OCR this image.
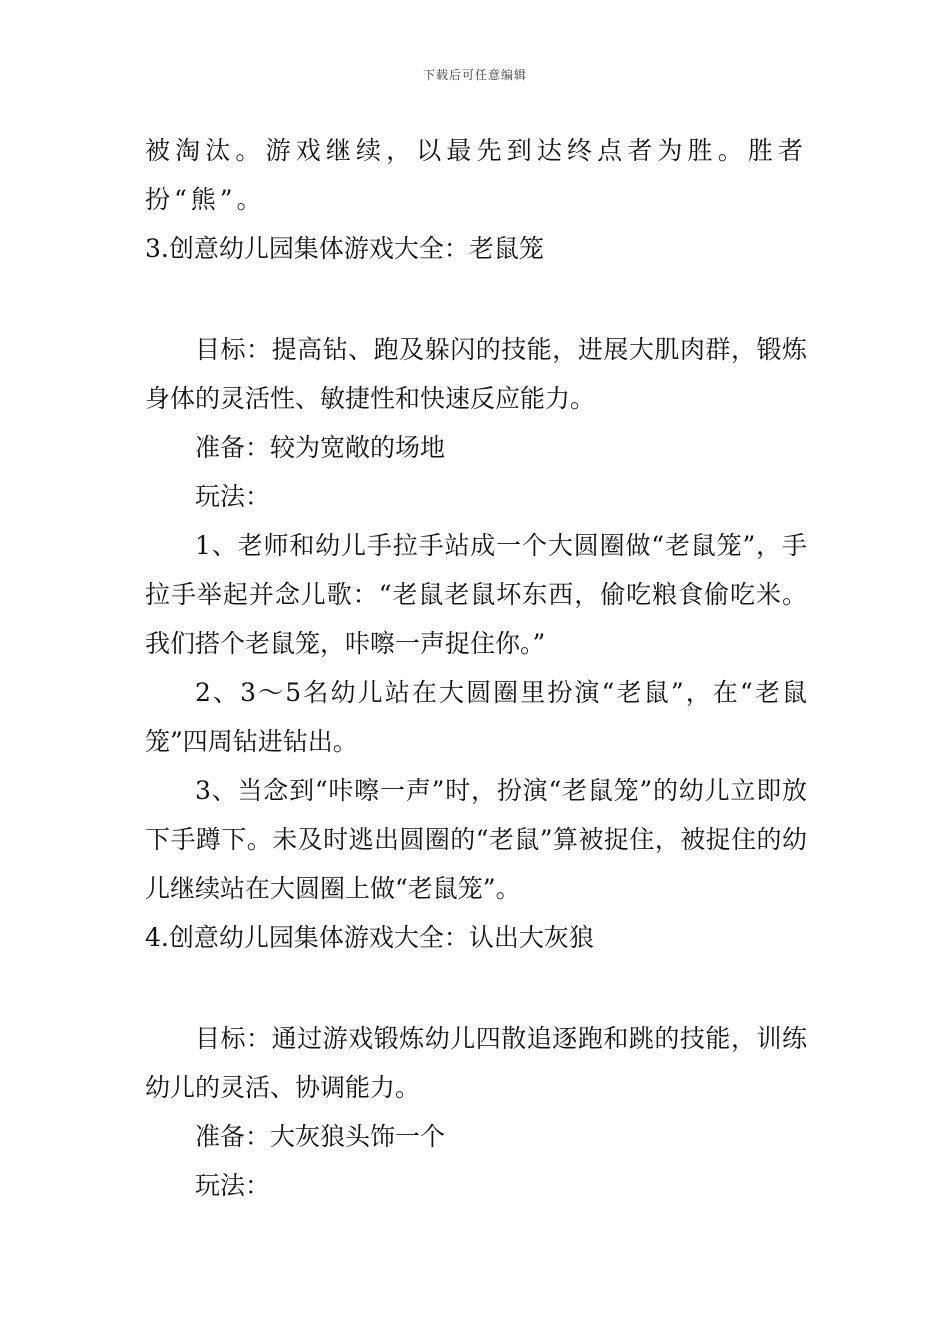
下载后可任意编辑

被淘汰。游戏继续，以最先到达终点者为胜。胜者扮“熊”。

3.创意幼儿园集体游戏大全：老鼠笼

目标：提高钻、跑及躲闪的技能，进展大肌肉群，锻炼身体的灵活性、敏捷性和快速反应能力。

准备：较为宽敞的场地

玩法：

1、老师和幼儿手拉手站成一个大圆圈做“老鼠笼”，手拉手举起并念儿歌：“老鼠老鼠坏东西，偷吃粮食偷吃米。我们搭个老鼠笼，咔嚓一声捉住你。”

2、3～5名幼儿站在大圆圈里扮演“老鼠”，在“老鼠笼”四周钻进钻出。

3、当念到“咔嚓一声”时，扮演“老鼠笼”的幼儿立即放下手蹲下。未及时逃出圆圈的“老鼠”算被捉住，被捉住的幼儿继续站在大圆圈上做“老鼠笼”。

4.创意幼儿园集体游戏大全：认出大灰狼

目标：通过游戏锻炼幼儿四散追逐跑和跳的技能，训练幼儿的灵活、协调能力。

准备：大灰狼头饰一个

玩法：
